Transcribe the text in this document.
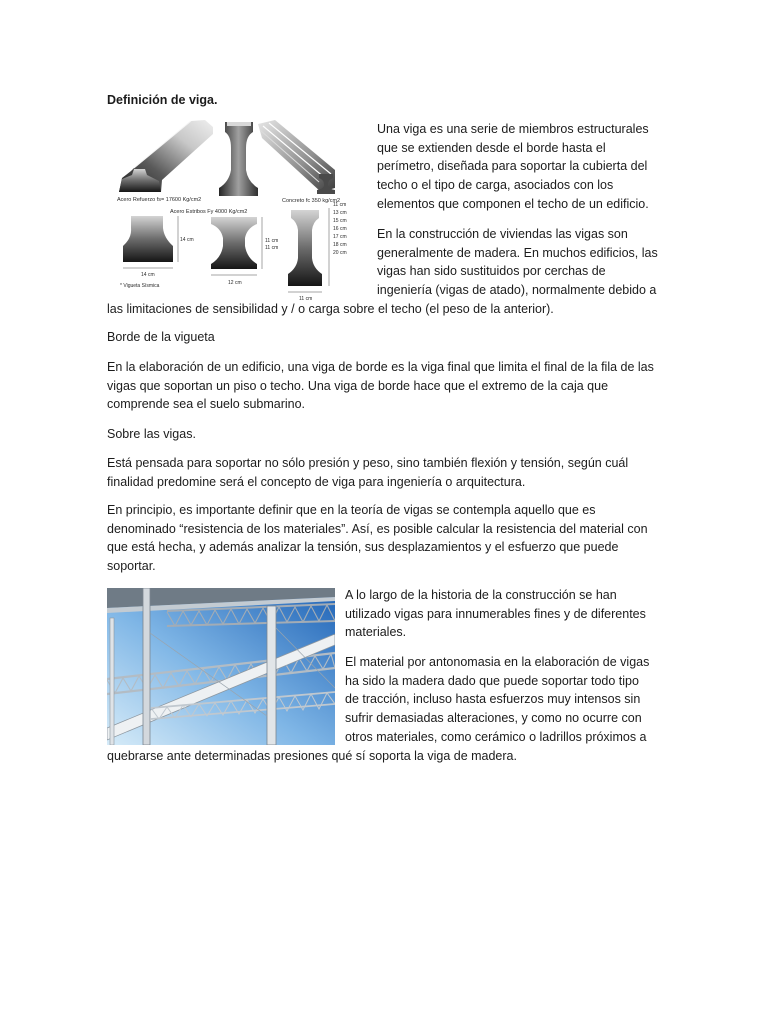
Definición de viga.
Acero Refuerzo fs= 17600 Kg/cm2
Acero Estribos Fy 4000 Kg/cm2
Concreto fc 350 kg/cm2
14 cm
14 cm
* Vigueta Sísmica
11 cm
11 cm
12 cm
11 cm
13 cm
15 cm
16 cm
17 cm
18 cm
20 cm
11 cm
Una viga es una serie de miembros estructurales
que se extienden desde el borde hasta el
perímetro, diseñada para soportar la cubierta del
techo o el tipo de carga, asociados con los
elementos que componen el techo de un edificio.
En la construcción de viviendas las vigas son
generalmente de madera. En muchos edificios, las
vigas han sido sustituidos por cerchas de
ingeniería (vigas de atado), normalmente debido a
las limitaciones de sensibilidad y / o carga sobre el techo (el peso de la anterior).
Borde de la vigueta
En la elaboración de un edificio, una viga de borde es la viga final que limita el final de la fila de las
vigas que soportan un piso o techo. Una viga de borde hace que el extremo de la caja que
comprende sea el suelo submarino.
Sobre las vigas.
Está pensada para soportar no sólo presión y peso, sino también flexión y tensión, según cuál
finalidad predomine será el concepto de viga para ingeniería o arquitectura.
En principio, es importante definir que en la teoría de vigas se contempla aquello que es
denominado “resistencia de los materiales”. Así, es posible calcular la resistencia del material con
que está hecha, y además analizar la tensión, sus desplazamientos y el esfuerzo que puede
soportar.
A lo largo de la historia de la construcción se han
utilizado vigas para innumerables fines y de diferentes
materiales.
El material por antonomasia en la elaboración de vigas
ha sido la madera dado que puede soportar todo tipo
de tracción, incluso hasta esfuerzos muy intensos sin
sufrir demasiadas alteraciones, y como no ocurre con
otros materiales, como cerámico o ladrillos próximos a
quebrarse ante determinadas presiones qué sí soporta la viga de madera.
